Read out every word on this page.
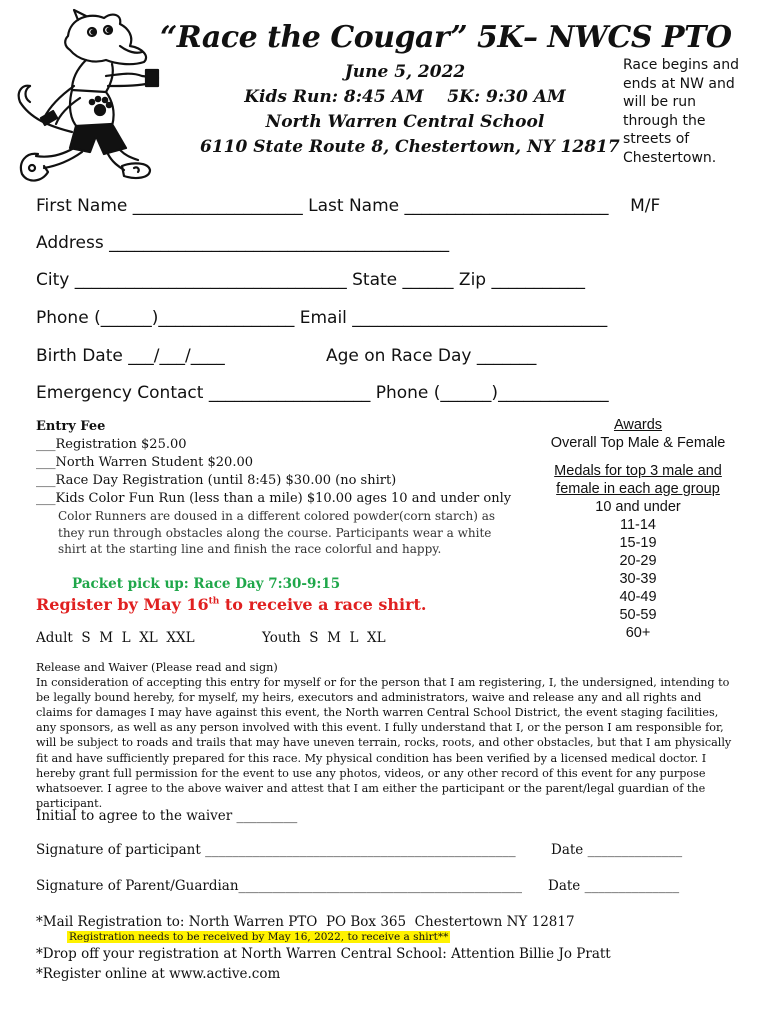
“Race the Cougar” 5K– NWCS PTO
June 5, 2022
Kids Run: 8:45 AM    5K: 9:30 AM
North Warren Central School
6110 State Route 8, Chestertown, NY 12817
Race begins and
ends at NW and
will be run
through the
streets of
Chestertown.
First Name ____________________ Last Name ________________________    M/F
Address ________________________________________
City ________________________________ State ______ Zip ___________
Phone (______)________________ Email ______________________________
Birth Date ___/___/____	Age on Race Day _______
Emergency Contact ___________________ Phone (______)_____________
Entry Fee
___Registration $25.00
___North Warren Student $20.00
___Race Day Registration (until 8:45) $30.00 (no shirt)
___Kids Color Fun Run (less than a mile) $10.00 ages 10 and under only
Color Runners are doused in a different colored powder(corn starch) as they run through obstacles along the course. Participants wear a white shirt at the starting line and finish the race colorful and happy.
Packet pick up: Race Day 7:30-9:15
Register by May 16th to receive a race shirt.
Adult  S  M  L  XL  XXL	Youth  S  M  L  XL
Awards
Overall Top Male & Female
Medals for top 3 male and
female in each age group
10 and under
11-14
15-19
20-29
30-39
40-49
50-59
60+
Release and Waiver (Please read and sign)
In consideration of accepting this entry for myself or for the person that I am registering, I, the undersigned, intending to be legally bound hereby, for myself, my heirs, executors and administrators, waive and release any and all rights and claims for damages I may have against this event, the North warren Central School District, the event staging facilities, any sponsors, as well as any person involved with this event. I fully understand that I, or the person I am responsible for, will be subject to roads and trails that may have uneven terrain, rocks, roots, and other obstacles, but that I am physically fit and have sufficiently prepared for this race. My physical condition has been verified by a licensed medical doctor. I hereby grant full permission for the event to use any photos, videos, or any other record of this event for any purpose whatsoever. I agree to the above waiver and attest that I am either the participant or the parent/legal guardian of the participant.
Initial to agree to the waiver _________
Signature of participant ______________________________________________	Date ______________
Signature of Parent/Guardian__________________________________________ Date ______________
*Mail Registration to: North Warren PTO  PO Box 365  Chestertown NY 12817
Registration needs to be received by May 16, 2022, to receive a shirt**
*Drop off your registration at North Warren Central School: Attention Billie Jo Pratt
*Register online at www.active.com
